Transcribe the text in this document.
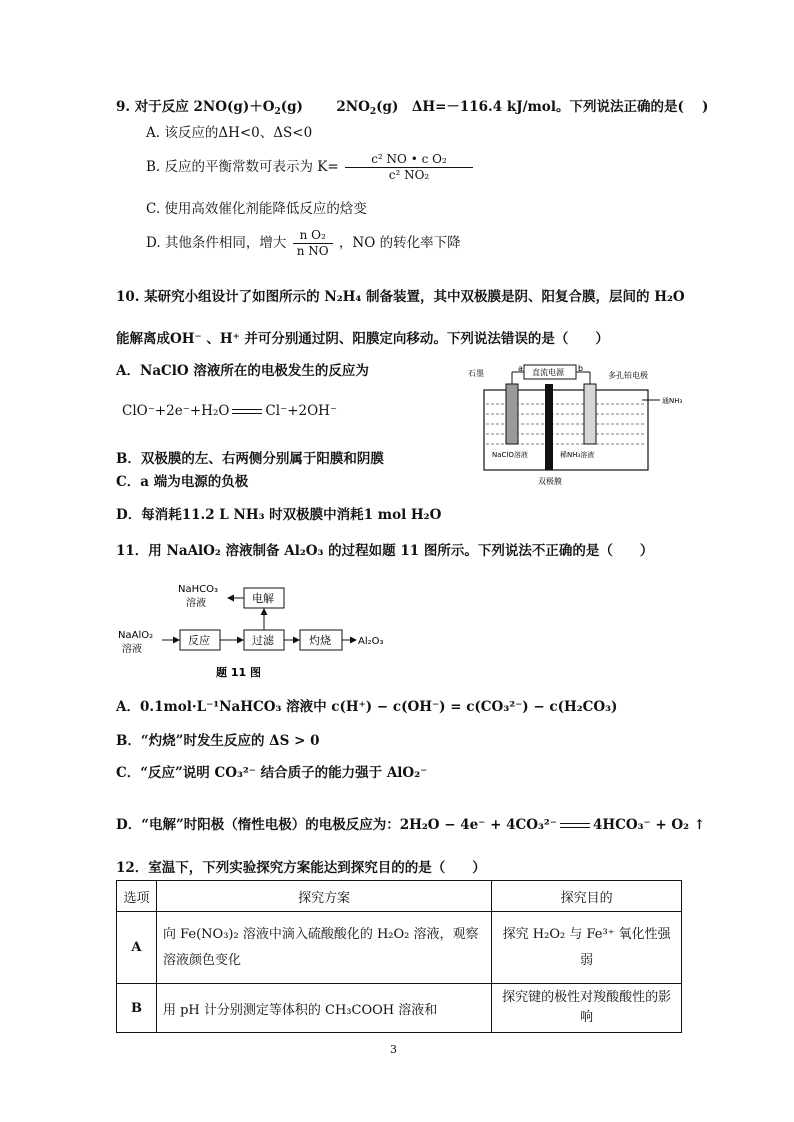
9. 对于反应 $2NO(g)+O_2(g)$ $2NO_2(g)$　ΔH=－116.4 kJ/mol。下列说法正确的是(　 )
A. 该反应的ΔH<0、ΔS<0
B. 反应的平衡常数可表示为 $K= \frac{\text{c² NO • c O₂}}{\text{c² NO₂}}$
C. 使用高效催化剂能降低反应的焓变
D. 其他条件相同，增大 $\frac{\text{n O₂}}{\text{n NO}}$ ，NO 的转化率下降
10. 某研究小组设计了如图所示的 N₂H₄ 制备装置，其中双极膜是阴、阳复合膜，层间的 H₂O
能解离成OH⁻ 、H⁺ 并可分别通过阴、阳膜定向移动。下列说法错误的是（　　）
A．NaClO 溶液所在的电极发生的反应为
ClO⁻+2e⁻+H₂O	Cl⁻+2OH⁻
B．双极膜的左、右两侧分别属于阳膜和阴膜
C．a 端为电源的负极
D．每消耗11.2 L NH₃ 时双极膜中消耗1 mol H₂O
石墨
a 直流电源 b
多孔铂电极
通NH₃
NaClO溶液	稀NH₃溶液
双极膜
11．用 NaAlO₂ 溶液制备 Al₂O₃ 的过程如题 11 图所示。下列说法不正确的是（　　）
NaAlO₂
溶液
反应	过滤	灼烧
电解
Al₂O₃
NaHCO₃
溶液
题 11 图
A．0.1mol·L⁻¹NaHCO₃ 溶液中 c(H⁺) − c(OH⁻) = c(CO₃²⁻) − c(H₂CO₃)
B．“灼烧”时发生反应的 ΔS > 0
C．“反应”说明 CO₃²⁻ 结合质子的能力强于 AlO₂⁻
D．“电解”时阳极（惰性电极）的电极反应为：2H₂O − 4e⁻ + 4CO₃²⁻	4HCO₃⁻ + O₂ ↑
12．室温下，下列实验探究方案能达到探究目的的是（　　）
选项	探究方案	探究目的
A	向 Fe(NO₃)₂ 溶液中滴入硫酸酸化的 H₂O₂ 溶液，观察溶液颜色变化	探究 H₂O₂ 与 Fe³⁺ 氧化性强弱
B	用 pH 计分别测定等体积的 CH₃COOH 溶液和	探究键的极性对羧酸酸性的影响
3
